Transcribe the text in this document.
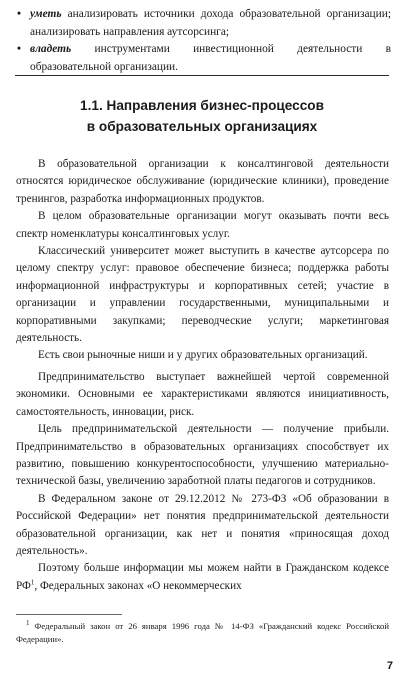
• уметь анализировать источники дохода образовательной организации; анализировать направления аутсорсинга;
• владеть инструментами инвестиционной деятельности в образовательной организации.
1.1. Направления бизнес-процессов
в образовательных организациях

В образовательной организации к консалтинговой деятельности относятся юридическое обслуживание (юридические клиники), проведение тренингов, разработка информационных продуктов.

В целом образовательные организации могут оказывать почти весь спектр номенклатуры консалтинговых услуг.

Классический университет может выступить в качестве аутсорсера по целому спектру услуг: правовое обеспечение бизнеса; поддержка работы информационной инфраструктуры и корпоративных сетей; участие в организации и управлении государственными, муниципальными и корпоративными закупками; переводческие услуги; маркетинговая деятельность.

Есть свои рыночные ниши и у других образовательных организаций.

Предпринимательство выступает важнейшей чертой современной экономики. Основными ее характеристиками являются инициативность, самостоятельность, инновации, риск.

Цель предпринимательской деятельности — получение прибыли. Предпринимательство в образовательных организациях способствует их развитию, повышению конкурентоспособности, улучшению материально-технической базы, увеличению заработной платы педагогов и сотрудников.

В Федеральном законе от 29.12.2012 № 273-ФЗ «Об образовании в Российской Федерации» нет понятия предпринимательской деятельности образовательной организации, как нет и понятия «приносящая доход деятельность».

Поэтому больше информации мы можем найти в Гражданском кодексе $РФ^1$, Федеральных законах «О некоммерческих

$^1$ Федеральный закон от 26 января 1996 года № 14-ФЗ «Гражданский кодекс Российской Федерации».
7
